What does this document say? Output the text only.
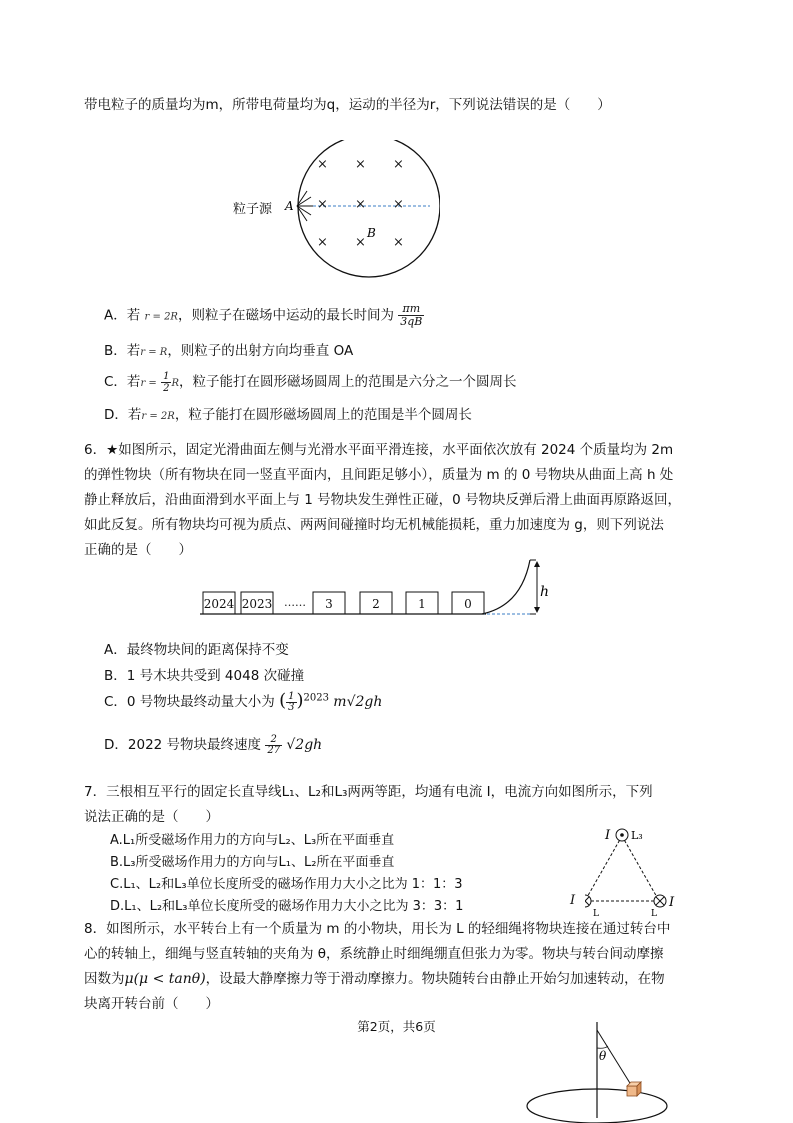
带电粒子的质量均为m，所带电荷量均为q，运动的半径为r，下列说法错误的是（　　）
× × ×
× × ×
× × ×
B
A
粒子源
A．若 r = 2R，则粒子在磁场中运动的最长时间为 $\frac{\pi m}{3qB}$
B．若r = R，则粒子的出射方向均垂直 OA
C．若$r = \frac{1}{2}$ R，粒子能打在圆形磁场圆周上的范围是六分之一个圆周长
D．若r = 2R，粒子能打在圆形磁场圆周上的范围是半个圆周长
6．★如图所示，固定光滑曲面左侧与光滑水平面平滑连接，水平面依次放有 2024 个质量均为 2m
的弹性物块（所有物块在同一竖直平面内，且间距足够小），质量为 m 的 0 号物块从曲面上高 h 处
静止释放后，沿曲面滑到水平面上与 1 号物块发生弹性正碰，0 号物块反弹后滑上曲面再原路返回，
如此反复。所有物块均可视为质点、两两间碰撞时均无机械能损耗，重力加速度为 g，则下列说法
正确的是（　　）
h
2024 2023 …… 3	2	1	0
A．最终物块间的距离保持不变
B．1 号木块共受到 4048 次碰撞
C．0 号物块最终动量大小为 ( $\frac{1}{3} )^{2023}$ m√2gh
D．2022 号物块最终速度 $\frac{2}{27} √2gh$
7．三根相互平行的固定长直导线L₁、L₂和L₃两两等距，均通有电流 I，电流方向如图所示，下列
说法正确的是（　　）
A.L₁所受磁场作用力的方向与L₂、L₃所在平面垂直
B.L₃所受磁场作用力的方向与L₁、L₂所在平面垂直
C.L₁、L₂和L₃单位长度所受的磁场作用力大小之比为 1：1：3
D.L₁、L₂和L₃单位长度所受的磁场作用力大小之比为 3：3：1
I L₃
I
L	L
I
8．如图所示，水平转台上有一个质量为 m 的小物块，用长为 L 的轻细绳将物块连接在通过转台中
心的转轴上，细绳与竖直转轴的夹角为 θ，系统静止时细绳绷直但张力为零。物块与转台间动摩擦
因数为μ(μ < tanθ)，设最大静摩擦力等于滑动摩擦力。物块随转台由静止开始匀加速转动，在物
块离开转台前（　　）
第2页，共6页
θ
